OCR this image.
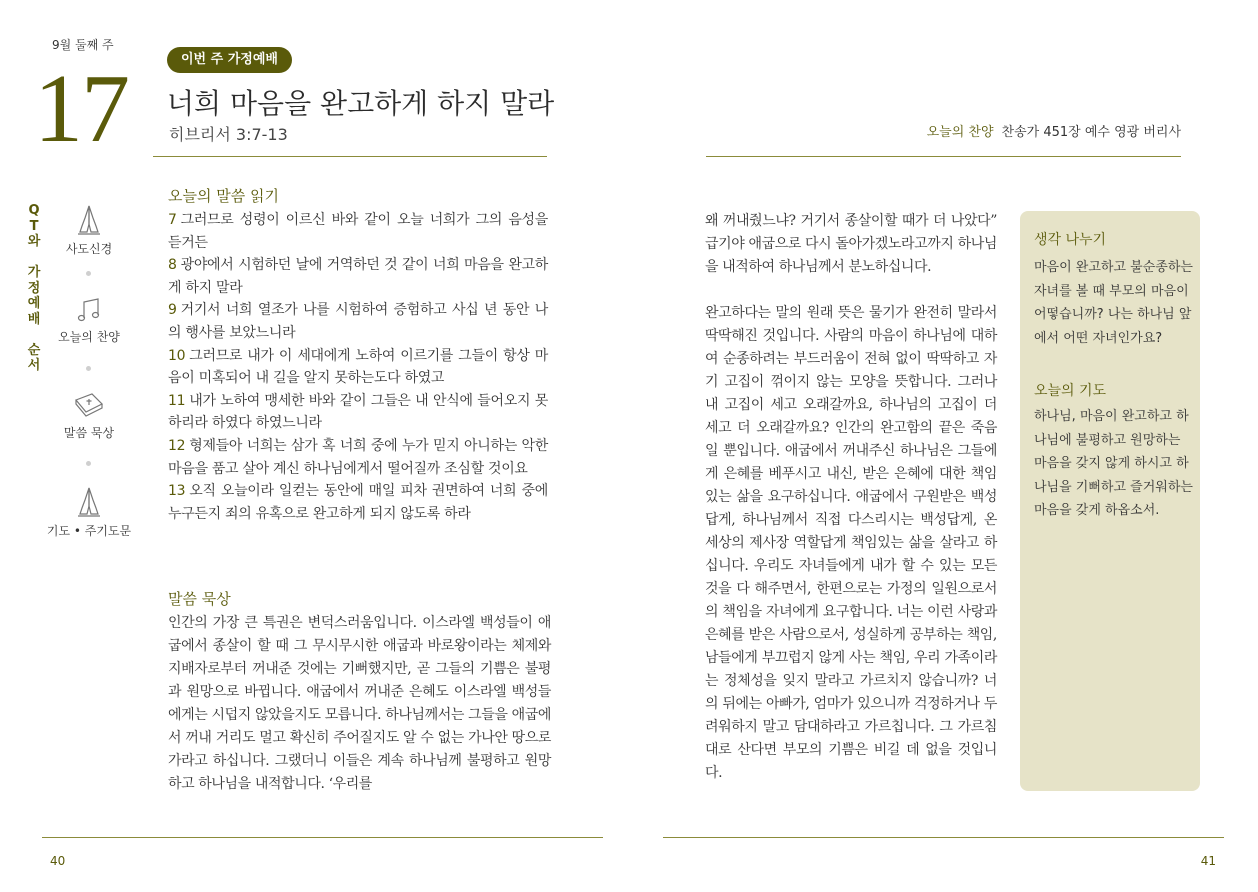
9월 둘째 주
17	이번 주 가정예배
너희 마음을 완고하게 하지 말라
히브리서 3:7-13	오늘의 찬양 찬송가 451장 예수 영광 버리사
Q
T
와

가
정
예
배

순
서
사도신경
오늘의 찬양
말씀 묵상
기도 • 주기도문
오늘의 말씀 읽기
7 그러므로 성령이 이르신 바와 같이 오늘 너희가 그의 음성을 듣거든
8 광야에서 시험하던 날에 거역하던 것 같이 너희 마음을 완고하게 하지 말라
9 거기서 너희 열조가 나를 시험하여 증험하고 사십 년 동안 나의 행사를 보았느니라
10 그러므로 내가 이 세대에게 노하여 이르기를 그들이 항상 마음이 미혹되어 내 길을 알지 못하는도다 하였고
11 내가 노하여 맹세한 바와 같이 그들은 내 안식에 들어오지 못하리라 하였다 하였느니라
12 형제들아 너희는 삼가 혹 너희 중에 누가 믿지 아니하는 악한 마음을 품고 살아 계신 하나님에게서 떨어질까 조심할 것이요
13 오직 오늘이라 일컫는 동안에 매일 피차 권면하여 너희 중에 누구든지 죄의 유혹으로 완고하게 되지 않도록 하라
말씀 묵상
인간의 가장 큰 특권은 변덕스러움입니다. 이스라엘 백성들이 애굽에서 종살이 할 때 그 무시무시한 애굽과 바로왕이라는 체제와 지배자로부터 꺼내준 것에는 기뻐했지만, 곧 그들의 기쁨은 불평과 원망으로 바뀝니다. 애굽에서 꺼내준 은혜도 이스라엘 백성들에게는 시덥지 않았을지도 모릅니다. 하나님께서는 그들을 애굽에서 꺼내 거리도 멀고 확신히 주어질지도 알 수 없는 가나안 땅으로 가라고 하십니다. 그랬더니 이들은 계속 하나님께 불평하고 원망하고 하나님을 내적합니다. ‘우리를
왜 꺼내줬느냐? 거기서 종살이할 때가 더 나았다” 급기야 애굽으로 다시 돌아가겠노라고까지 하나님을 내적하여 하나님께서 분노하십니다.
완고하다는 말의 원래 뜻은 물기가 완전히 말라서 딱딱해진 것입니다. 사람의 마음이 하나님에 대하여 순종하려는 부드러움이 전혀 없이 딱딱하고 자기 고집이 꺾이지 않는 모양을 뜻합니다. 그러나 내 고집이 세고 오래갈까요, 하나님의 고집이 더 세고 더 오래갈까요? 인간의 완고함의 끝은 죽음일 뿐입니다. 애굽에서 꺼내주신 하나님은 그들에게 은혜를 베푸시고 내신, 받은 은혜에 대한 책임있는 삶을 요구하십니다. 애굽에서 구원받은 백성답게, 하나님께서 직접 다스리시는 백성답게, 온 세상의 제사장 역할답게 책임있는 삶을 살라고 하십니다. 우리도 자녀들에게 내가 할 수 있는 모든 것을 다 해주면서, 한편으로는 가정의 일원으로서의 책임을 자녀에게 요구합니다. 너는 이런 사랑과 은혜를 받은 사람으로서, 성실하게 공부하는 책임, 남들에게 부끄럽지 않게 사는 책임, 우리 가족이라는 정체성을 잊지 말라고 가르치지 않습니까? 너의 뒤에는 아빠가, 엄마가 있으니까 걱정하거나 두려워하지 말고 담대하라고 가르칩니다. 그 가르침대로 산다면 부모의 기쁨은 비길 데 없을 것입니다.
생각 나누기
마음이 완고하고 불순종하는 자녀를 볼 때 부모의 마음이 어떻습니까? 나는 하나님 앞에서 어떤 자녀인가요?
오늘의 기도
하나님, 마음이 완고하고 하나님에 불평하고 원망하는 마음을 갖지 않게 하시고 하나님을 기뻐하고 즐거워하는 마음을 갖게 하옵소서.
40	41
